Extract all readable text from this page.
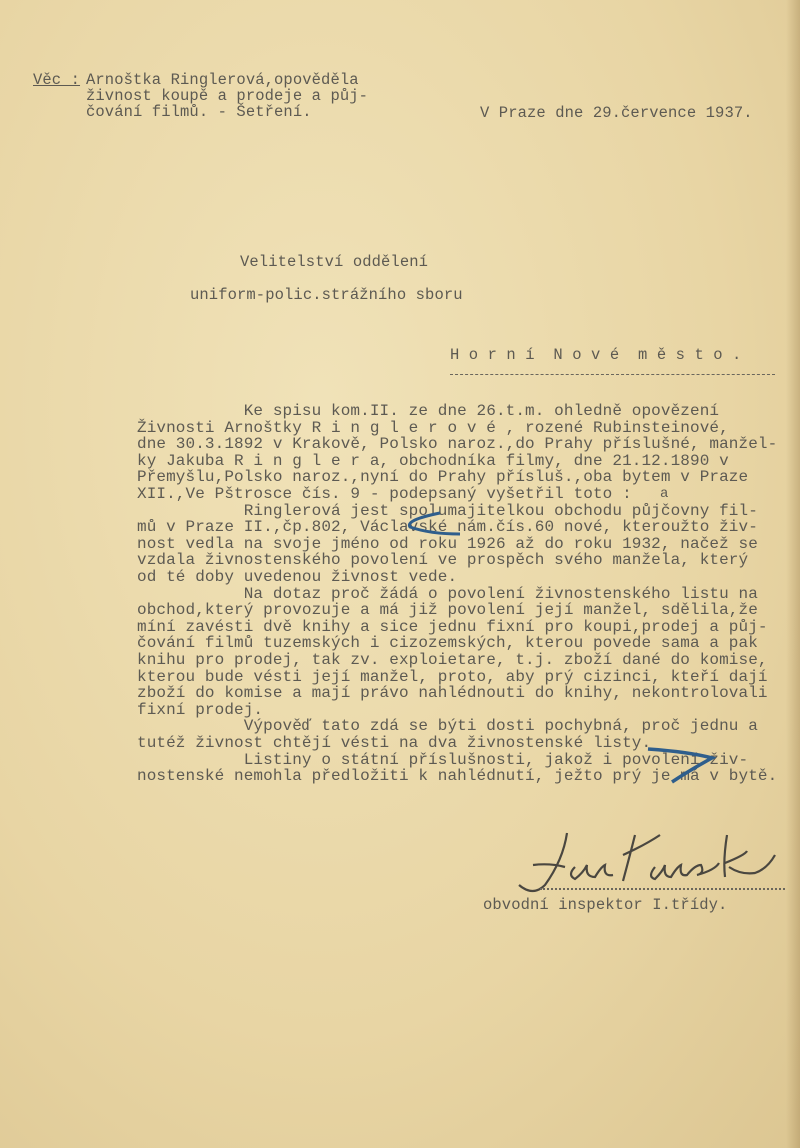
Věc : Arnoštka Ringlerová,opověděla
živnost koupě a prodeje a půj-
čování filmů. - Šetření.	V Praze dne 29.července 1937.
Velitelství oddělení
uniform-polic.strážního sboru
H o r n í  N o v é  m ě s t o .
Ke spisu kom.II. ze dne 26.t.m. ohledně opovězení
Živnosti Arnoštky R i n g l e r o v é , rozené Rubinsteinové,
dne 30.3.1892 v Krakově, Polsko naroz.,do Prahy příslušné, manžel-
ky Jakuba R i n g l e r a, obchodníka filmy, dne 21.12.1890 v
Přemyšlu,Polsko naroz.,nyní do Prahy přísluš.,oba bytem v Praze
XII.,Ve Pštrosce čís. 9 - podepsaný vyšetřil toto :
Ringlerová jest spolumajitelkou obchodu půjčovny fil-
mů v Praze II.,čp.802, Václavské nám.čís.60 nové, kteroužto živ-
nost vedla na svoje jméno od roku 1926 až do roku 1932, načež se
vzdala živnostenského povolení ve prospěch svého manžela, který
od té doby uvedenou živnost vede.
Na dotaz proč žádá o povolení živnostenského listu na
obchod,který provozuje a má již povolení její manžel, sdělila,že
míní zavésti dvě knihy a sice jednu fixní pro koupi,prodej a půj-
čování filmů tuzemských i cizozemských, kterou povede sama a pak
knihu pro prodej, tak zv. exploietare, t.j. zboží dané do komise,
kterou bude vésti její manžel, proto, aby prý cizinci, kteří dají
zboží do komise a mají právo nahlédnouti do knihy, nekontrolovali
fixní prodej.
Výpověď tato zdá se býti dosti pochybná, proč jednu a
tutéž živnost chtějí vésti na dva živnostenské listy.
Listiny o státní příslušnosti, jakož i povolení živ-
nostenské nemohla předložiti k nahlédnutí, ježto prý je má v bytě.
a
obvodní inspektor I.třídy.
